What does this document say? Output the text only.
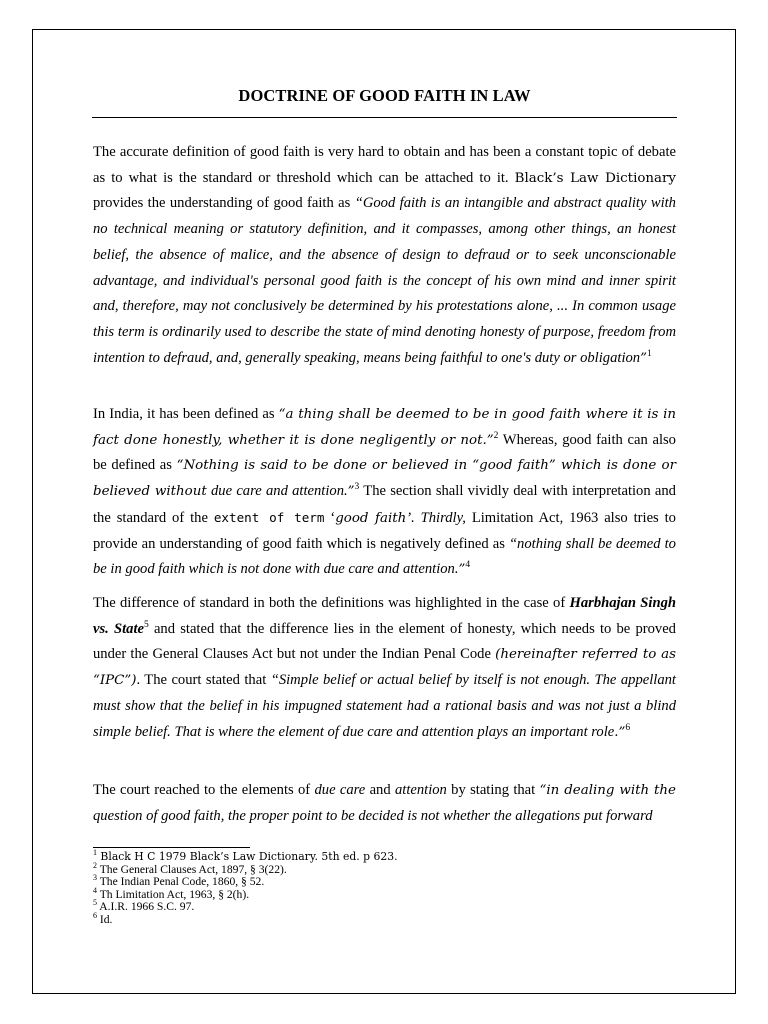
DOCTRINE OF GOOD FAITH IN LAW

The accurate definition of good faith is very hard to obtain and has been a constant topic of debate as to what is the standard or threshold which can be attached to it. Black’s Law Dictionary provides the understanding of good faith as “Good faith is an intangible and abstract quality with no technical meaning or statutory definition, and it compasses, among other things, an honest belief, the absence of malice, and the absence of design to defraud or to seek unconscionable advantage, and individual's personal good faith is the concept of his own mind and inner spirit and, therefore, may not conclusively be determined by his protestations alone, ... In common usage this term is ordinarily used to describe the state of mind denoting honesty of purpose, freedom from intention to defraud, and, generally speaking, means being faithful to one's duty or obligation”$^1$

In India, it has been defined as “a thing shall be deemed to be in good faith where it is in fact done honestly, whether it is done negligently or not.”$^2$ Whereas, good faith can also be defined as “Nothing is said to be done or believed in “good faith” which is done or believed without due care and attention.”$^3$ The section shall vividly deal with interpretation and the standard of the extent of term ‘good faith’. Thirdly, Limitation Act, 1963 also tries to provide an understanding of good faith which is negatively defined as “nothing shall be deemed to be in good faith which is not done with due care and attention.”$^4$

The difference of standard in both the definitions was highlighted in the case of Harbhajan Singh vs. State$^5$ and stated that the difference lies in the element of honesty, which needs to be proved under the General Clauses Act but not under the Indian Penal Code (hereinafter referred to as “IPC”). The court stated that “Simple belief or actual belief by itself is not enough. The appellant must show that the belief in his impugned statement had a rational basis and was not just a blind simple belief. That is where the element of due care and attention plays an important role.”$^6$

The court reached to the elements of due care and attention by stating that “in dealing with the question of good faith, the proper point to be decided is not whether the allegations put forward

$^1$ Black H C 1979 Black’s Law Dictionary. 5th ed. p 623.
$^2$ The General Clauses Act, 1897, § 3(22).
$^3$ The Indian Penal Code, 1860, § 52.
$^4$ Th Limitation Act, 1963, § 2(h).
$^5$ A.I.R. 1966 S.C. 97.
$^6$ Id.
